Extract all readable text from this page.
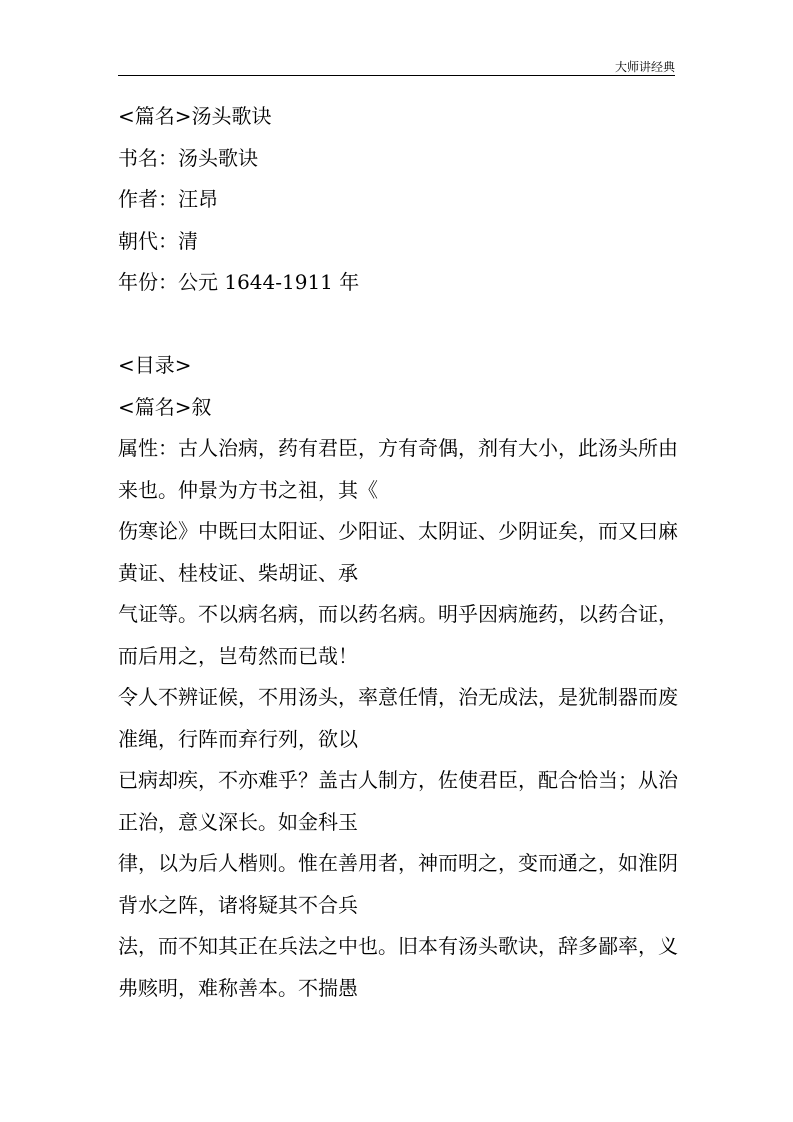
大师讲经典
<篇名>汤头歌诀
书名：汤头歌诀
作者：汪昂
朝代：清
年份：公元 1644-1911 年
<目录>
<篇名>叙
属性：古人治病，药有君臣，方有奇偶，剂有大小，此汤头所由
来也。仲景为方书之祖，其《
伤寒论》中既曰太阳证、少阳证、太阴证、少阴证矣，而又曰麻
黄证、桂枝证、柴胡证、承
气证等。不以病名病，而以药名病。明乎因病施药，以药合证，
而后用之，岂苟然而已哉！
令人不辨证候，不用汤头，率意任情，治无成法，是犹制器而废
准绳，行阵而弃行列，欲以
已病却疾，不亦难乎？盖古人制方，佐使君臣，配合恰当；从治
正治，意义深长。如金科玉
律，以为后人楷则。惟在善用者，神而明之，变而通之，如淮阴
背水之阵，诸将疑其不合兵
法，而不知其正在兵法之中也。旧本有汤头歌诀，辞多鄙率，义
弗赅明，难称善本。不揣愚
